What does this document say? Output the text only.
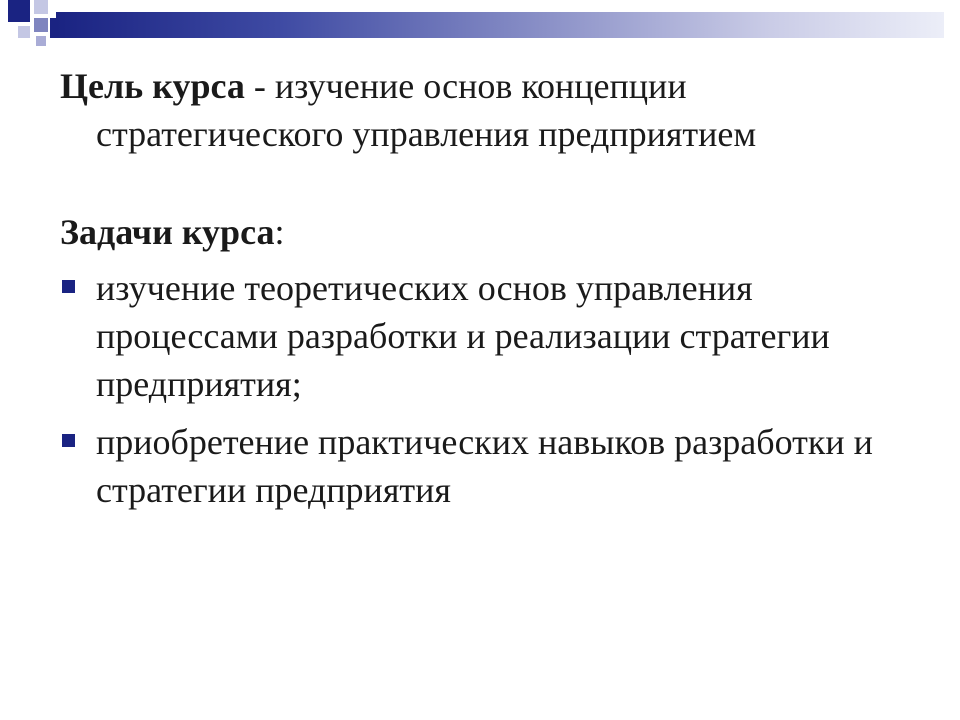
Цель курса - изучение основ концепции стратегического управления предприятием

Задачи курса:

изучение теоретических основ управления процессами разработки и реализации стратегии предприятия;
приобретение практических навыков разработки и стратегии предприятия
